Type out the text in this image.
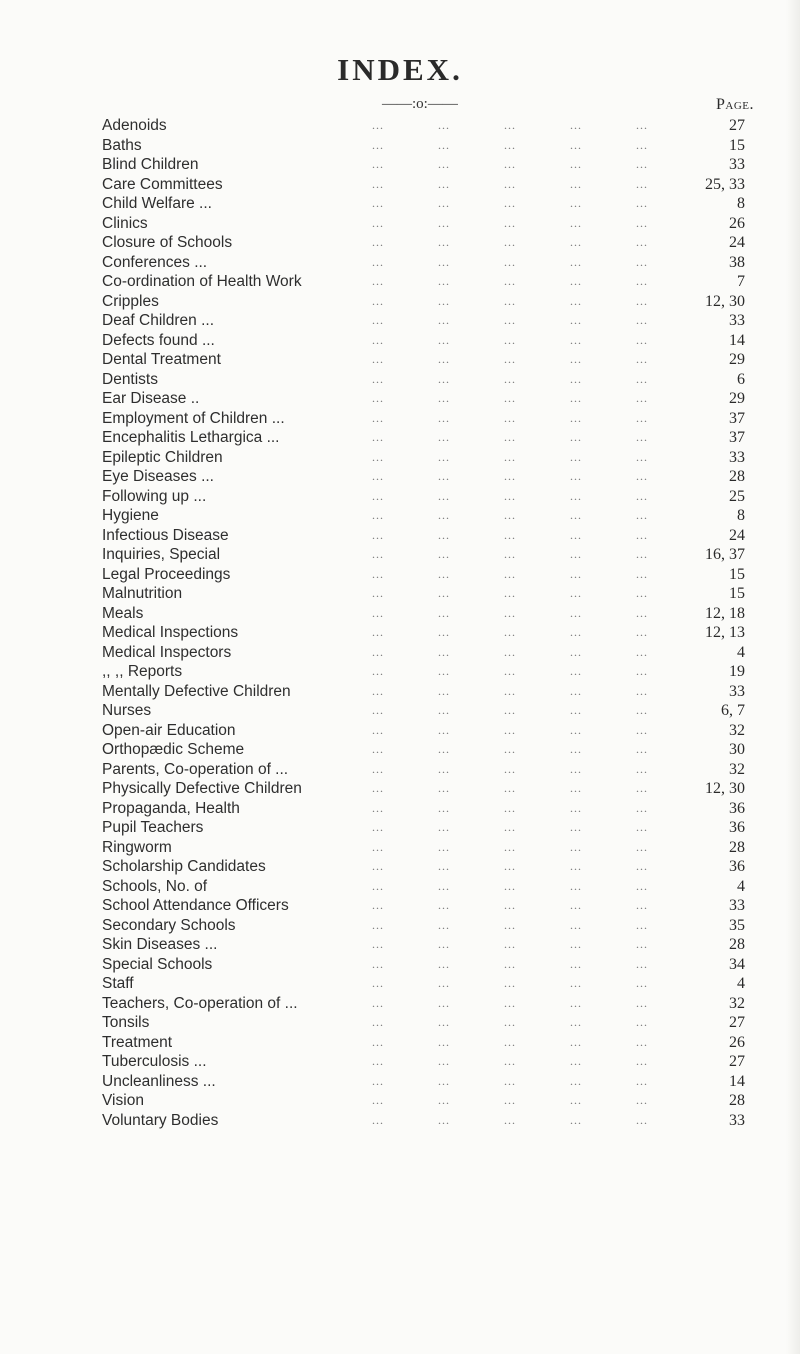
INDEX.
——:o:——	Page.
Adenoids	...	...	...	...	...	27
Baths	...	...	...	...	...	15
Blind Children	...	...	...	...	...	33
Care Committees	...	...	...	...	...	25, 33
Child Welfare ...	...	...	...	...	...	8
Clinics	...	...	...	...	...	26
Closure of Schools	...	...	...	...	...	24
Conferences ...	...	...	...	...	...	38
Co-ordination of Health Work	...	...	...	...	...	7
Cripples	...	...	...	...	...	12, 30
Deaf Children ...	...	...	...	...	...	33
Defects found ...	...	...	...	...	...	14
Dental Treatment	...	...	...	...	...	29
Dentists	...	...	...	...	...	6
Ear Disease ..	...	...	...	...	...	29
Employment of Children ...	...	...	...	...	...	37
Encephalitis Lethargica ...	...	...	...	...	...	37
Epileptic Children	...	...	...	...	...	33
Eye Diseases ...	...	...	...	...	...	28
Following up ...	...	...	...	...	...	25
Hygiene	...	...	...	...	...	8
Infectious Disease	...	...	...	...	...	24
Inquiries, Special	...	...	...	...	...	16, 37
Legal Proceedings	...	...	...	...	...	15
Malnutrition	...	...	...	...	...	15
Meals	...	...	...	...	...	12, 18
Medical Inspections	...	...	...	...	...	12, 13
Medical Inspectors	...	...	...	...	...	4
,, ,, Reports	...	...	...	...	...	19
Mentally Defective Children	...	...	...	...	...	33
Nurses	...	...	...	...	...	6, 7
Open-air Education	...	...	...	...	...	32
Orthopædic Scheme	...	...	...	...	...	30
Parents, Co-operation of ...	...	...	...	...	...	32
Physically Defective Children	...	...	...	...	...	12, 30
Propaganda, Health	...	...	...	...	...	36
Pupil Teachers	...	...	...	...	...	36
Ringworm	...	...	...	...	...	28
Scholarship Candidates	...	...	...	...	...	36
Schools, No. of	...	...	...	...	...	4
School Attendance Officers	...	...	...	...	...	33
Secondary Schools	...	...	...	...	...	35
Skin Diseases ...	...	...	...	...	...	28
Special Schools	...	...	...	...	...	34
Staff	...	...	...	...	...	4
Teachers, Co-operation of ...	...	...	...	...	...	32
Tonsils	...	...	...	...	...	27
Treatment	...	...	...	...	...	26
Tuberculosis ...	...	...	...	...	...	27
Uncleanliness ...	...	...	...	...	...	14
Vision	...	...	...	...	...	28
Voluntary Bodies	...	...	...	...	...	33
